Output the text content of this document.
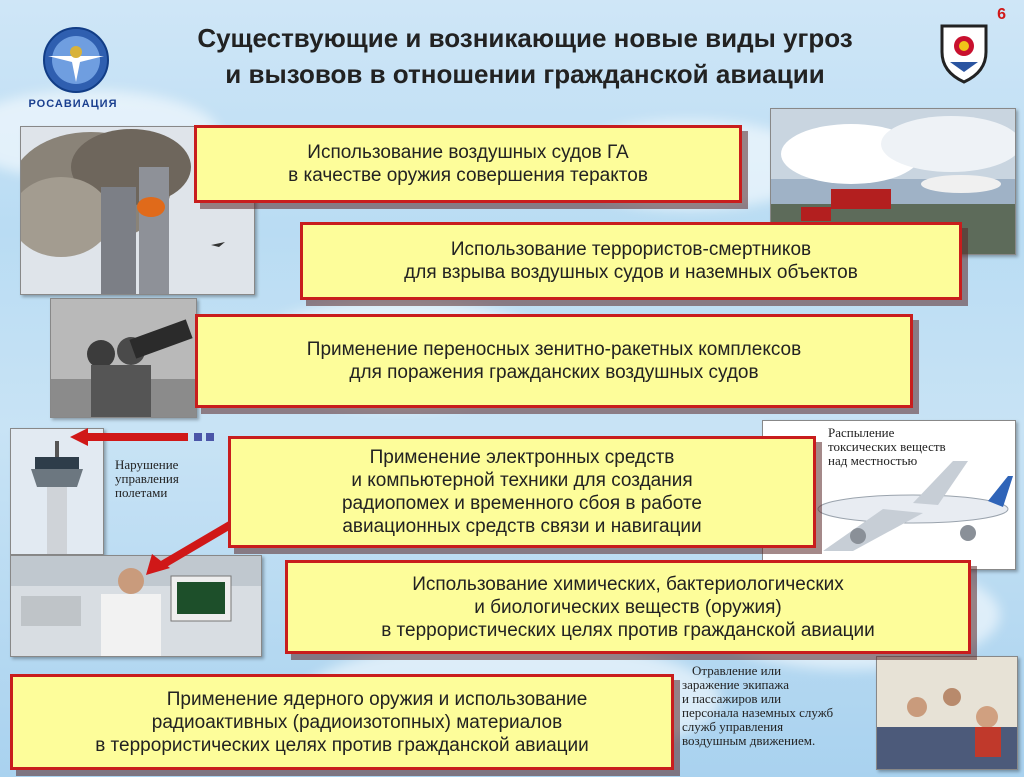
РОСАВИАЦИЯ
6
Существующие и возникающие новые виды угроз
и вызовов в отношении гражданской авиации
Использование воздушных судов ГА
в качестве оружия совершения терактов
Использование террористов-смертников
для взрыва воздушных судов и наземных объектов
Применение переносных зенитно-ракетных комплексов
для поражения гражданских воздушных судов
Применение электронных средств
и компьютерной техники для создания
радиопомех и временного сбоя в работе
авиационных средств связи и навигации
Использование химических, бактериологических
и биологических веществ (оружия)
в террористических целях против гражданской авиации
Применение ядерного оружия и использование
радиоактивных (радиоизотопных) материалов
в террористических целях против гражданской авиации
Нарушение
управления
полетами
Распыление
токсических веществ
над местностью
Отравление или
заражение экипажа
и пассажиров или
персонала наземных служб
служб управления
воздушным движением.
